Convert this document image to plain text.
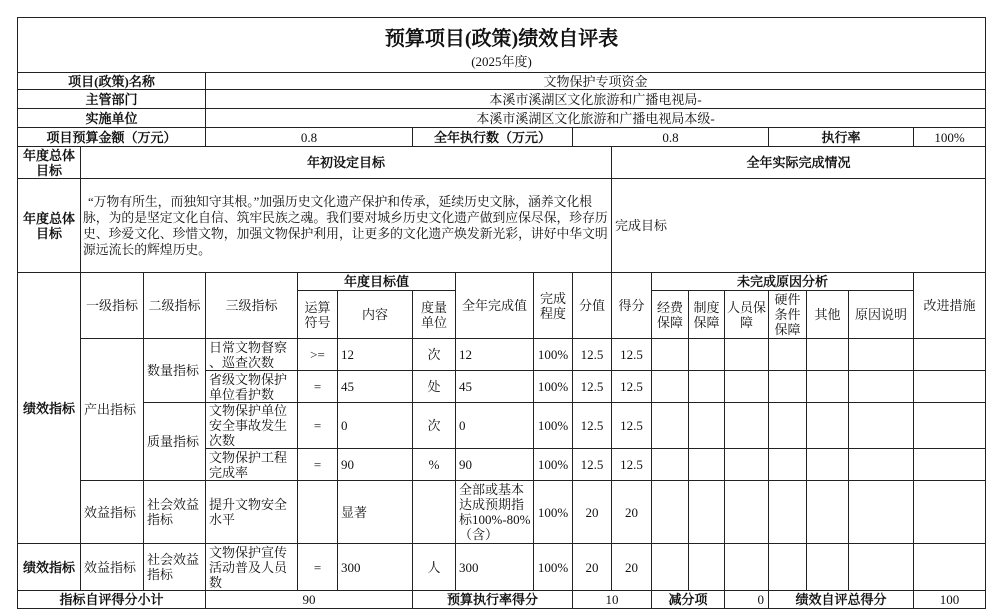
预算项目(政策)绩效自评表
(2025年度)																	

项目(政策)名称			文物保护专项资金														
主管部门			本溪市溪湖区文化旅游和广播电视局-														
实施单位			本溪市溪湖区文化旅游和广播电视局本级-														
项目预算金额（万元）			0.8			全年执行数（万元）			0.8					执行率			100%
年度总体目标	年初设定目标									全年实际完成情况							
年度总体目标	“万物有所生，而独知守其根。”加强历史文化遗产保护和传承，延续历史文脉，涵养文化根脉，为的是坚定文化自信、筑牢民族之魂。我们要对城乡历史文化遗产做到应保尽保，珍存历史、珍爱文化、珍惜文物，加强文物保护利用，让更多的文化遗产焕发新光彩，讲好中华文明源远流长的辉煌历史。									完成目标							
绩效指标	一级指标	二级指标	三级指标	年度目标值			全年完成值	完成程度	分值	得分	未完成原因分析						改进措施
				运算符号	内容	度量单位					经费保障	制度保障	人员保障	硬件条件保障	其他	原因说明	
	产出指标	数量指标	日常文物督察、巡查次数	>=	12	次	12	100%	12.5	12.5							
			省级文物保护单位看护数	=	45	处	45	100%	12.5	12.5							
		质量指标	文物保护单位安全事故发生次数	=	0	次	0	100%	12.5	12.5							
			文物保护工程完成率	=	90	%	90	100%	12.5	12.5							
	效益指标	社会效益指标	提升文物安全水平		显著		全部或基本达成预期指标100%-80%（含）	100%	20	20							
绩效指标	效益指标	社会效益指标	文物保护宣传活动普及人员数	=	300	人	300	100%	20	20							
指标自评得分小计			90			预算执行率得分			10		减分项		0	绩效自评总得分			100
